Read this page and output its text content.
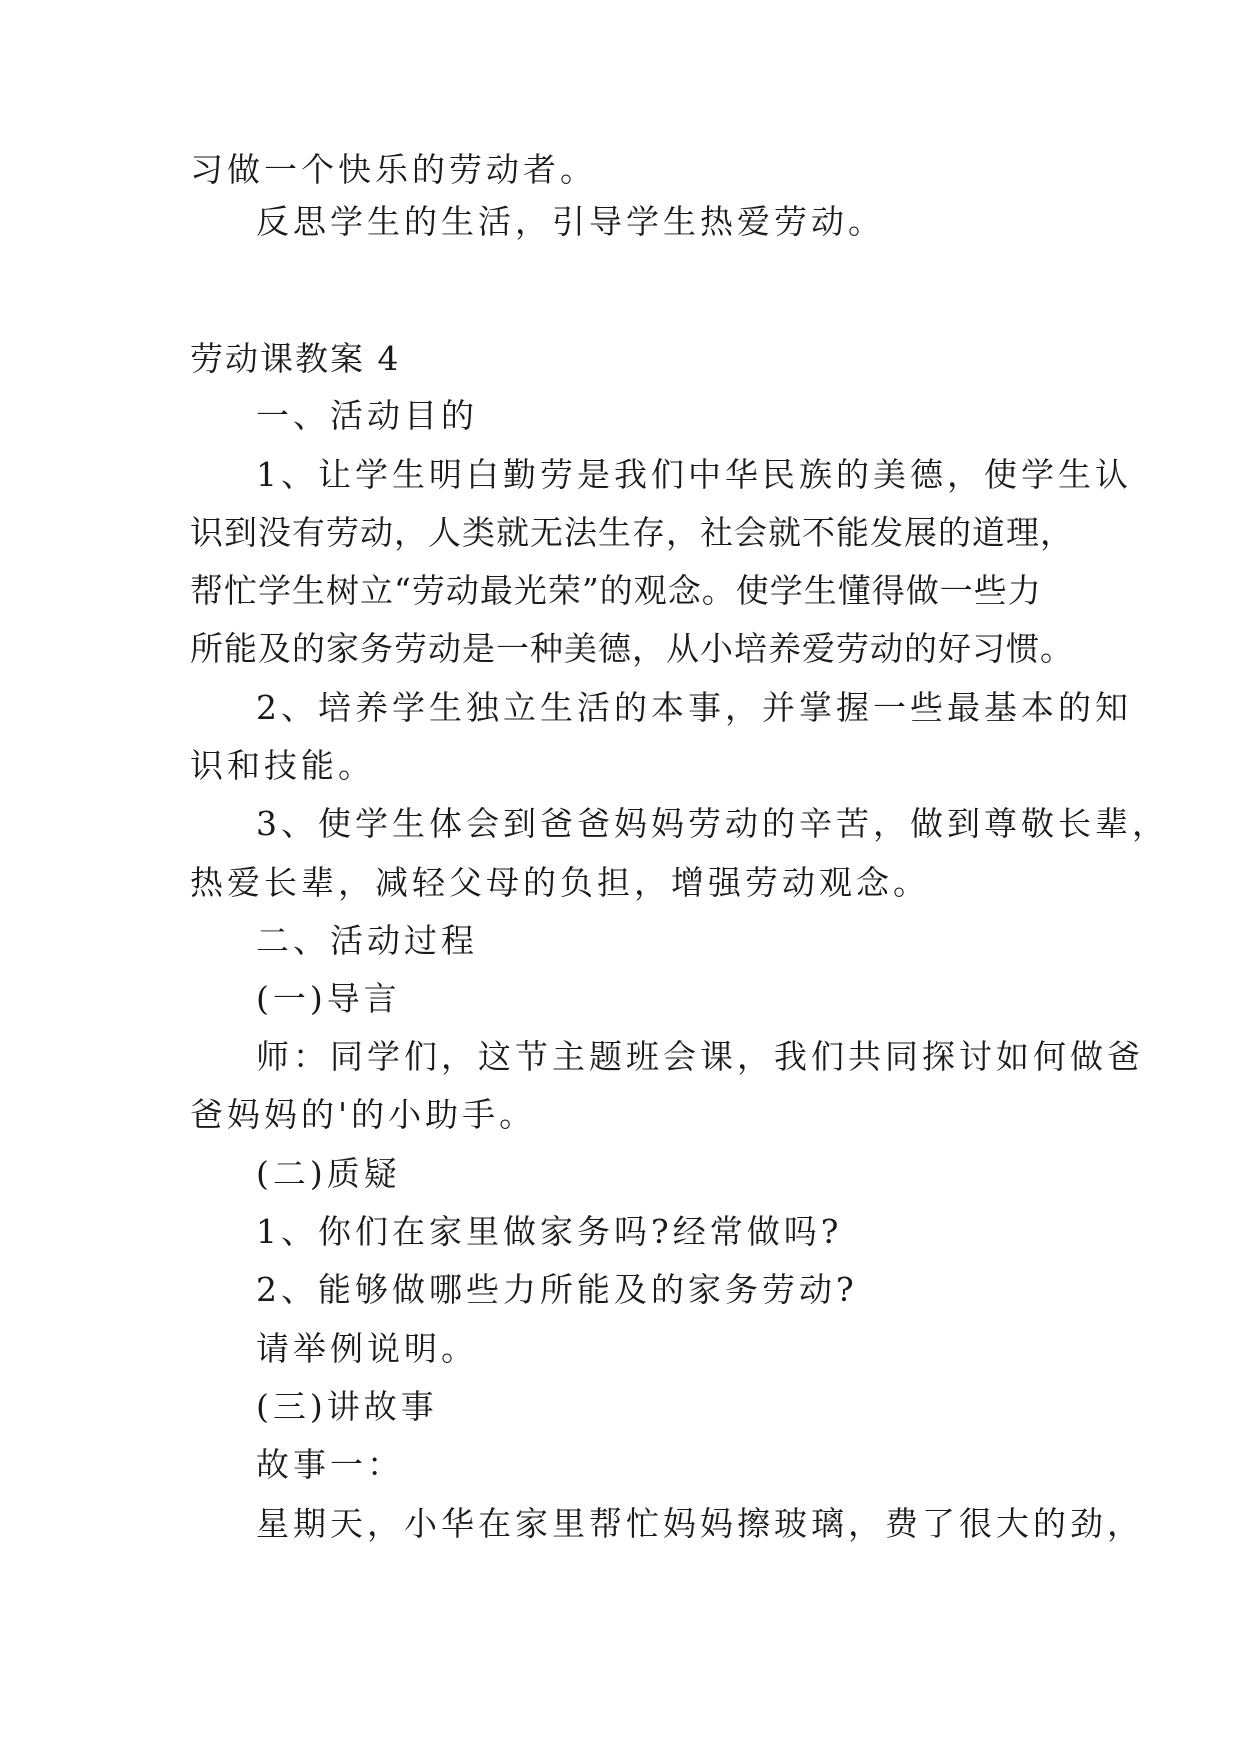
习做一个快乐的劳动者。
反思学生的生活，引导学生热爱劳动。
劳动课教案 4
一、活动目的
1、让学生明白勤劳是我们中华民族的美德，使学生认
识到没有劳动，人类就无法生存，社会就不能发展的道理，
帮忙学生树立“劳动最光荣”的观念。使学生懂得做一些力
所能及的家务劳动是一种美德，从小培养爱劳动的好习惯。
2、培养学生独立生活的本事，并掌握一些最基本的知
识和技能。
3、使学生体会到爸爸妈妈劳动的辛苦，做到尊敬长辈，
热爱长辈，减轻父母的负担，增强劳动观念。
二、活动过程
(一)导言
师：同学们，这节主题班会课，我们共同探讨如何做爸
爸妈妈的'的小助手。
(二)质疑
1、你们在家里做家务吗?经常做吗?
2、能够做哪些力所能及的家务劳动?
请举例说明。
(三)讲故事
故事一：
星期天，小华在家里帮忙妈妈擦玻璃，费了很大的劲，
